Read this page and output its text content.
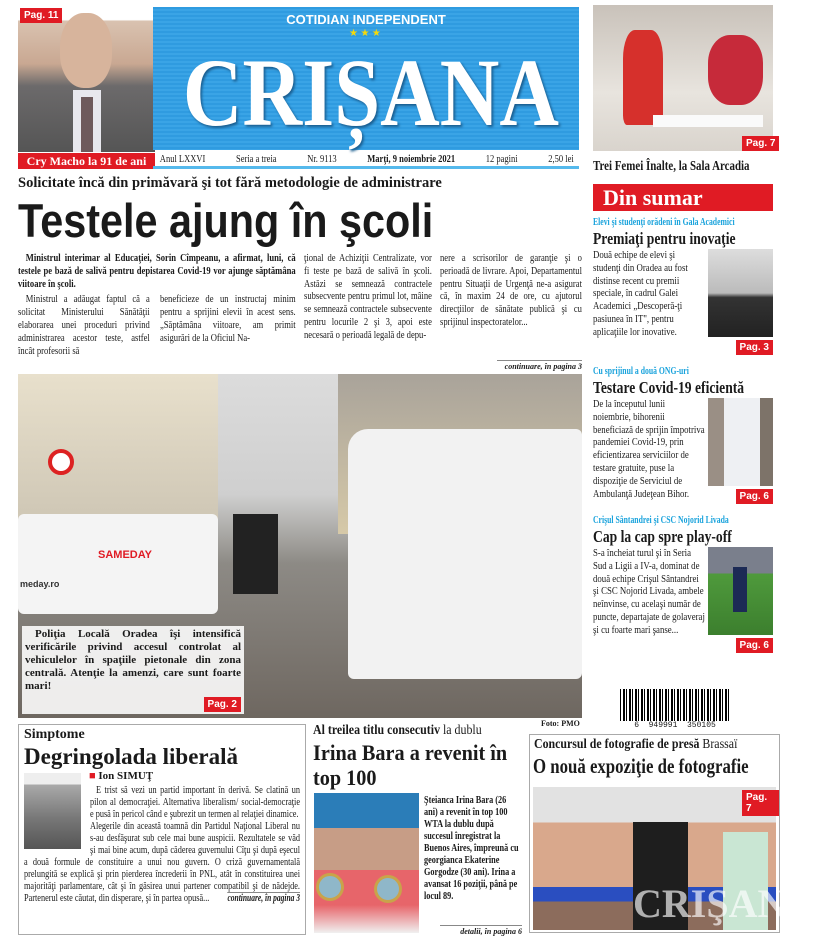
Pag. 11
Cry Macho la 91 de ani
COTIDIAN INDEPENDENT
★ ★ ★
CRIȘANA
Anul LXXVI	Seria a treia	Nr. 9113	Marţi, 9 noiembrie 2021	12 pagini	2,50 lei
Pag. 7
Trei Femei Înalte, la Sala Arcadia
Solicitate încă din primăvară şi tot fără metodologie de administrare
Testele ajung în şcoli
Ministrul interimar al Educaţiei, Sorin Cîmpeanu, a afirmat, luni, că testele pe bază de salivă pentru depistarea Covid-19 vor ajunge săptămâna viitoare în şcoli.
Ministrul a adăugat faptul că a solicitat Ministerului Sănătăţii elaborarea unei proceduri privind administrarea acestor teste, astfel încât profesorii să
beneficieze de un instructaj minim pentru a sprijini elevii în acest sens. „Săptămâna viitoare, am primit asigurări de la Oficiul Na-
ţional de Achiziţii Centralizate, vor fi teste pe bază de salivă în şcoli. Astăzi se semnează contractele subsecvente pentru primul lot, mâine se semnează contractele subsecvente pentru locurile 2 şi 3, apoi este necesară o perioadă legală de depu-
nere a scrisorilor de garanţie şi o perioadă de livrare. Apoi, Departamentul pentru Situaţii de Urgenţă ne-a asigurat că, în maxim 24 de ore, cu ajutorul direcţiilor de sănătate publică şi cu sprijinul inspectoratelor...
continuare, în pagina 3
SAMEDAY
meday.ro
Poliţia Locală Oradea îşi intensifică verificările privind accesul controlat al vehiculelor în spaţiile pietonale din zona centrală. Atenţie la amenzi, care sunt foarte mari!
Pag. 2
Foto: PMO
Din sumar
Elevi şi studenţi orădeni în Gala Academici
Premiaţi pentru inovaţie
Două echipe de elevi şi studenţi din Oradea au fost distinse recent cu premii speciale, în cadrul Galei Academici „Descoperă-ţi pasiunea în IT", pentru aplicaţiile lor inovative.
Pag. 3
Cu sprijinul a două ONG-uri
Testare Covid-19 eficientă
De la începutul lunii noiembrie, bihorenii beneficiază de sprijin împotriva pandemiei Covid-19, prin eficientizarea serviciilor de testare gratuite, puse la dispoziţie de Serviciul de Ambulanţă Judeţean Bihor.	Pag. 6
Crişul Sântandrei şi CSC Nojorid Livada
Cap la cap spre play-off
S-a încheiat turul şi în Seria Sud a Ligii a IV-a, dominat de două echipe Crişul Sântandrei şi CSC Nojorid Livada, ambele neînvinse, cu acelaşi număr de puncte, departajate de golaveraj şi cu foarte mari şanse...
Pag. 6
6  949991  350105
Simptome
Degringolada liberală
■ Ion SIMUŢ

E trist să vezi un partid important în derivă. Se clatină un pilon al democraţiei. Alternativa liberalism/ social-democraţie e pusă în pericol când e şubrezit un termen al relaţiei dinamice.

Alegerile din această toamnă din Partidul Naţional Liberal nu s-au desfăşurat sub cele mai bune auspicii. Rezultatele se văd şi mai bine acum, după căderea guvernului Cîţu şi după eşecul a două formule de constituire a unui nou guvern. O criză guvernamentală prelungită se explică şi prin pierderea încrederii în PNL, atât în constituirea unei majorităţi parlamentare, cât şi în găsirea unui partener compatibil şi de nădejde. Partenerul este căutat, din disperare, şi în partea opusă... continuare, în pagina 3
Al treilea titlu consecutiv la dublu
Irina Bara a revenit în top 100
Şteianca Irina Bara (26 ani) a revenit în top 100 WTA la dublu după succesul înregistrat la Buenos Aires, împreună cu georgianca Ekaterine Gorgodze (30 ani). Irina a avansat 16 poziţii, până pe locul 89.
detalii, în pagina 6
Concursul de fotografie de presă Brassaï
O nouă expoziţie de fotografie
CRIŞANA
Pag. 7
